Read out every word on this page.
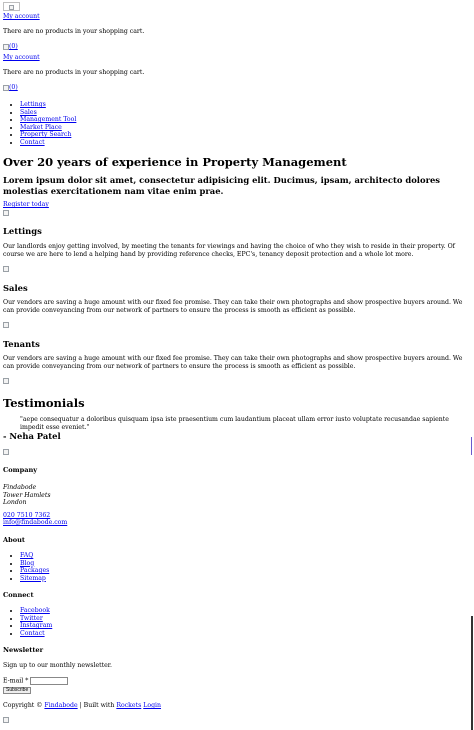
My account

There are no products in your shopping cart.

(0)
My account

There are no products in your shopping cart.

(0)
• Lettings
• Sales
• Management Tool
• Market Place
• Property Search
• Contact
Over 20 years of experience in Property Management
Lorem ipsum dolor sit amet, consectetur adipisicing elit. Ducimus, ipsam, architecto dolores molestias exercitationem nam vitae enim prae.
Register today
Lettings

Our landlords enjoy getting involved, by meeting the tenants for viewings and having the choice of who they wish to reside in their property. Of course we are here to lend a helping hand by providing reference checks, EPC's, tenancy deposit protection and a whole lot more.

Sales

Our vendors are saving a huge amount with our fixed fee promise. They can take their own photographs and show prospective buyers around. We can provide conveyancing from our network of partners to ensure the process is smooth as efficient as possible.

Tenants

Our vendors are saving a huge amount with our fixed fee promise. They can take their own photographs and show prospective buyers around. We can provide conveyancing from our network of partners to ensure the process is smooth as efficient as possible.

Testimonials

"aepe consequatur a doloribus quisquam ipsa iste praesentium cum laudantium placeat ullam error iusto voluptate recusandae sapiente impedit esse eveniet."

- Neha Patel
Company
Findabode
Tower Hamlets
London
020 7510 7362
info@findabode.com
About
• FAQ
• Blog
• Packages
• Sitemap
Connect
• Facebook
• Twitter
• Instagram
• Contact
Newsletter

Sign up to our monthly newsletter.

E-mail *
Subscribe
Copyright © Findabode | Built with Rockets Login
